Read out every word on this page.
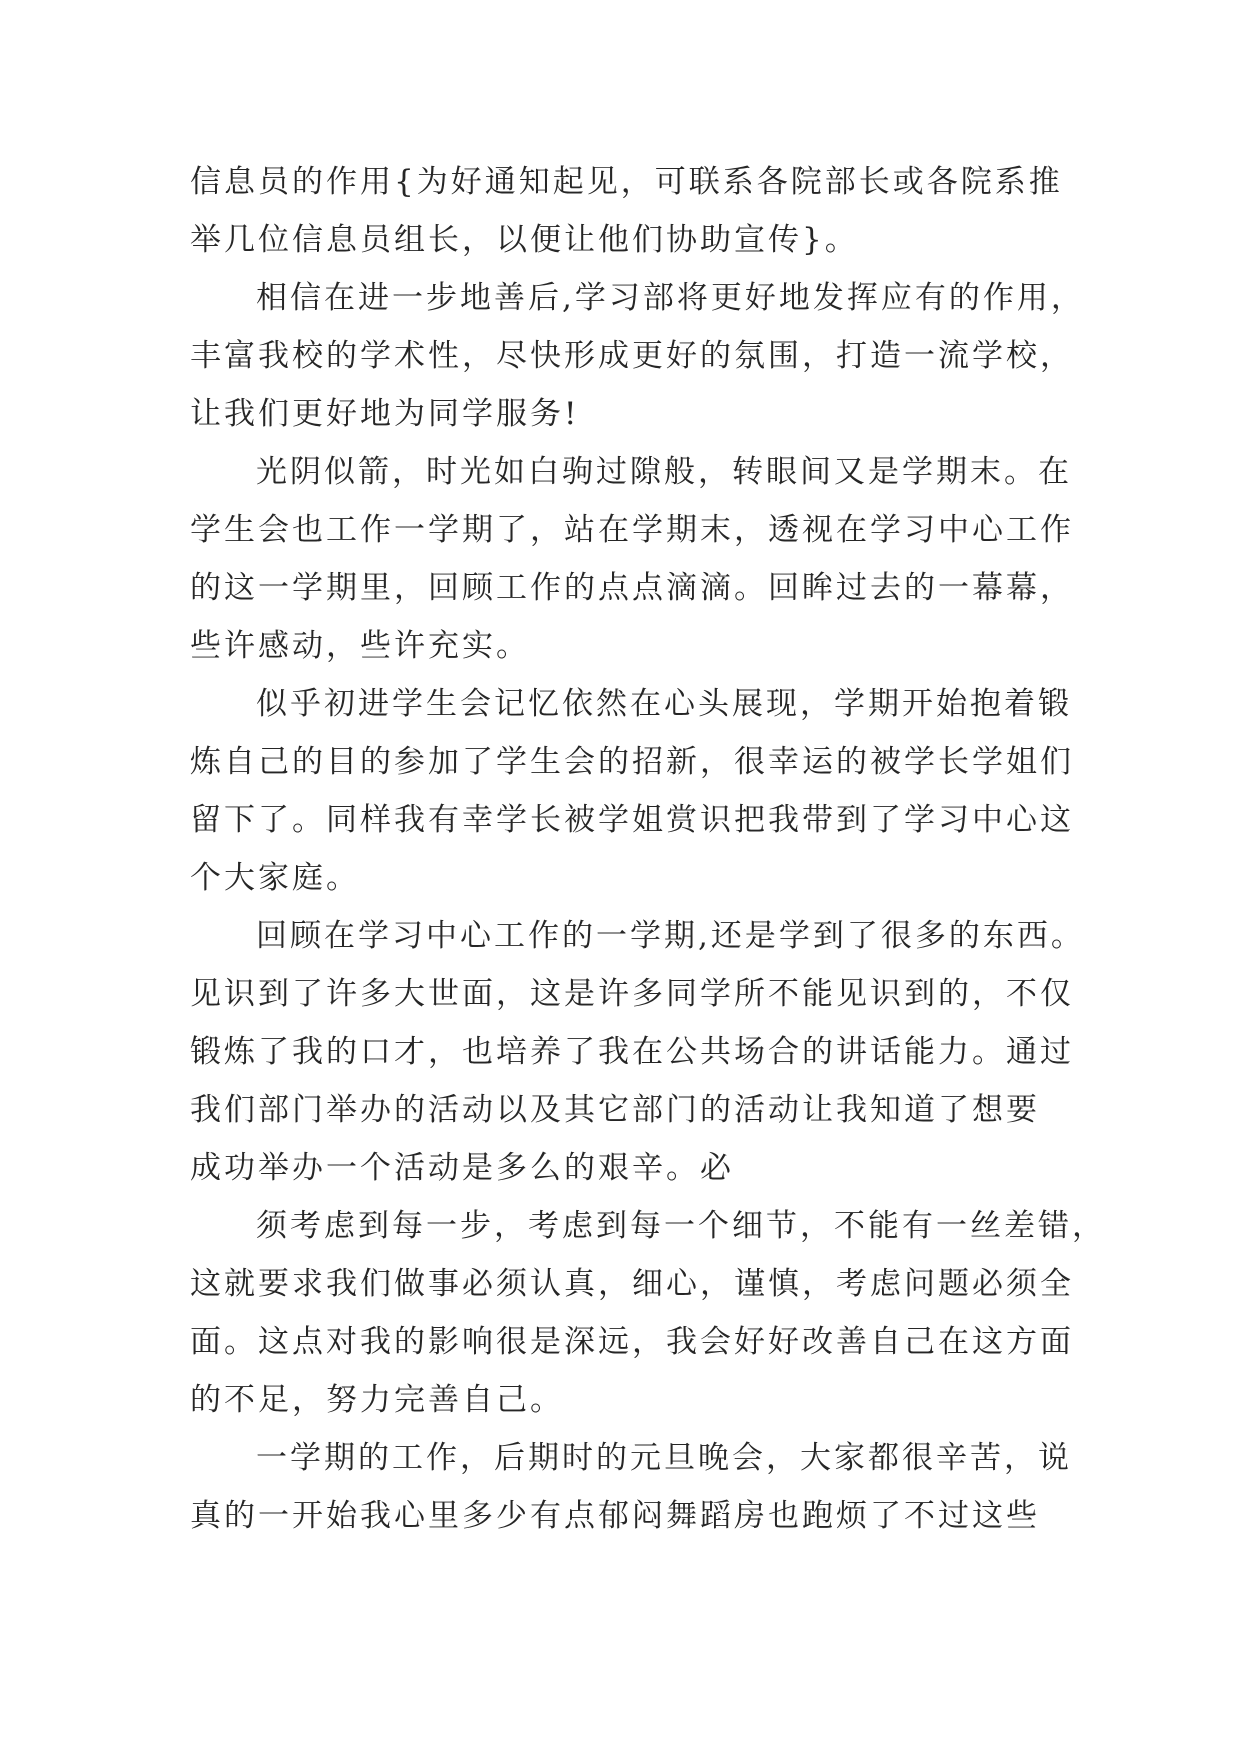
信息员的作用{为好通知起见，可联系各院部长或各院系推
举几位信息员组长，以便让他们协助宣传}。
相信在进一步地善后,学习部将更好地发挥应有的作用，
丰富我校的学术性，尽快形成更好的氛围，打造一流学校，
让我们更好地为同学服务!
光阴似箭，时光如白驹过隙般，转眼间又是学期末。在
学生会也工作一学期了，站在学期末，透视在学习中心工作
的这一学期里，回顾工作的点点滴滴。回眸过去的一幕幕，
些许感动，些许充实。
似乎初进学生会记忆依然在心头展现，学期开始抱着锻
炼自己的目的参加了学生会的招新，很幸运的被学长学姐们
留下了。同样我有幸学长被学姐赏识把我带到了学习中心这
个大家庭。
回顾在学习中心工作的一学期,还是学到了很多的东西。
见识到了许多大世面，这是许多同学所不能见识到的，不仅
锻炼了我的口才，也培养了我在公共场合的讲话能力。通过
我们部门举办的活动以及其它部门的活动让我知道了想要
成功举办一个活动是多么的艰辛。必
须考虑到每一步，考虑到每一个细节，不能有一丝差错，
这就要求我们做事必须认真，细心，谨慎，考虑问题必须全
面。这点对我的影响很是深远，我会好好改善自己在这方面
的不足，努力完善自己。
一学期的工作，后期时的元旦晚会，大家都很辛苦，说
真的一开始我心里多少有点郁闷舞蹈房也跑烦了不过这些
